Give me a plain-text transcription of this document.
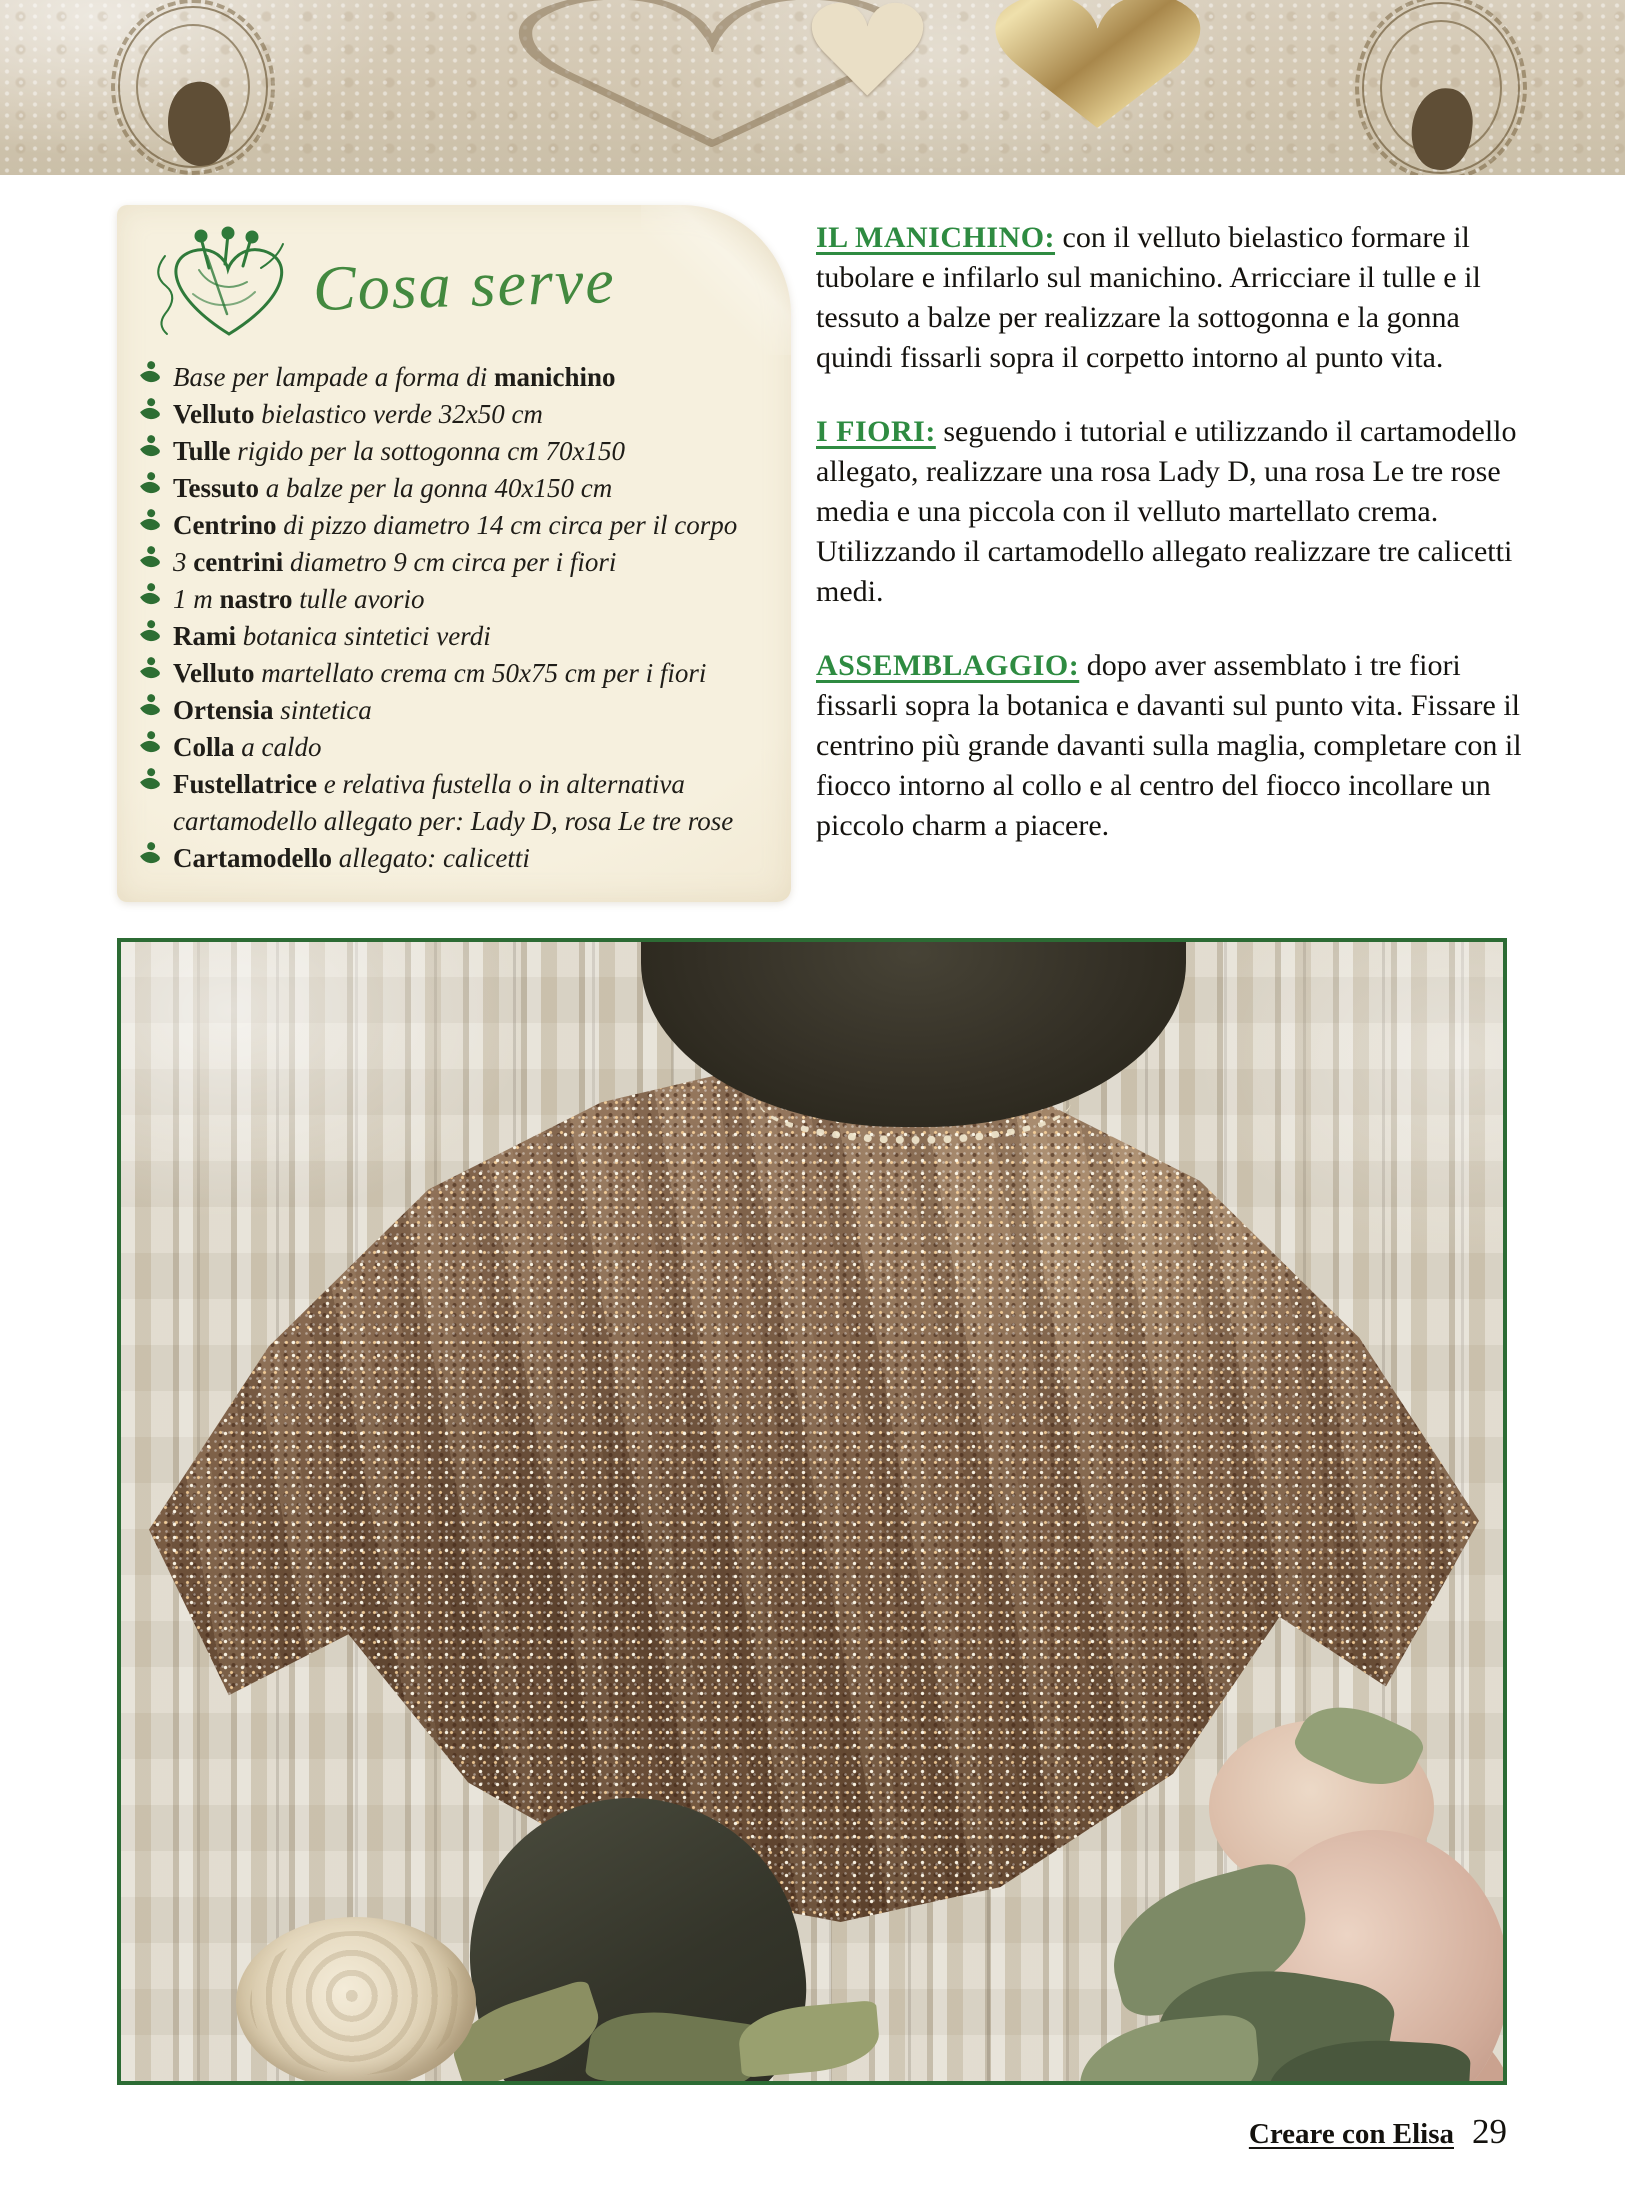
♡
♥
♥
Cosa serve
Base per lampade a forma di manichino
Velluto bielastico verde 32x50 cm
Tulle rigido per la sottogonna cm 70x150
Tessuto a balze per la gonna 40x150 cm
Centrino di pizzo diametro 14 cm circa per il corpo
3 centrini diametro 9 cm circa per i fiori
1 m nastro tulle avorio
Rami botanica sintetici verdi
Velluto martellato crema cm 50x75 cm per i fiori
Ortensia sintetica
Colla a caldo
Fustellatrice e relativa fustella o in alternativa cartamodello allegato per: Lady D, rosa Le tre rose
Cartamodello allegato: calicetti

IL MANICHINO: con il velluto bielastico formare il tubolare e infilarlo sul manichino. Arricciare il tulle e il tessuto a balze per realizzare la sottogonna e la gonna quindi fissarli sopra il corpetto intorno al punto vita.

I FIORI: seguendo i tutorial e utilizzando il cartamodello allegato, realizzare una rosa Lady D, una rosa Le tre rose media e una piccola con il velluto martellato crema. Utilizzando il cartamodello allegato realizzare tre calicetti medi.

ASSEMBLAGGIO: dopo aver assemblato i tre fiori fissarli sopra la botanica e davanti sul punto vita. Fissare il centrino più grande davanti sulla maglia, completare con il fiocco intorno al collo e al centro del fiocco incollare un piccolo charm a piacere.

Creare con Elisa 29
